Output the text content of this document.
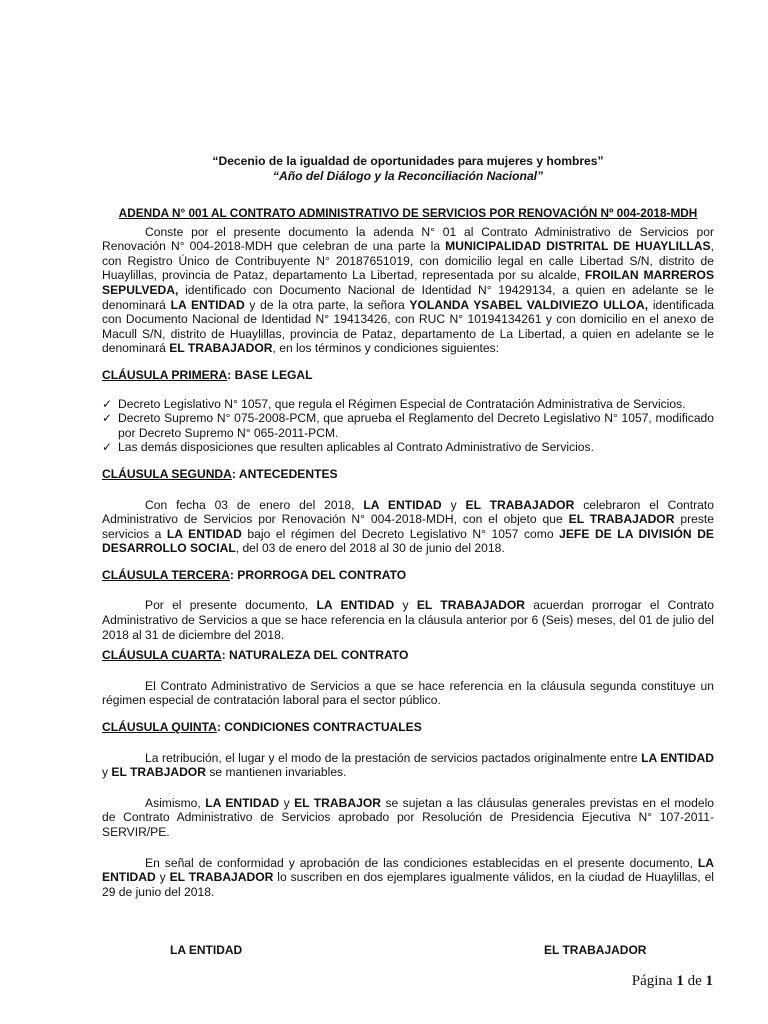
“Decenio de la igualdad de oportunidades para mujeres y hombres”
“Año del Diálogo y la Reconciliación Nacional”
ADENDA N° 001 AL CONTRATO ADMINISTRATIVO DE SERVICIOS POR RENOVACIÓN Nº 004-2018-MDH

Conste por el presente documento la adenda N° 01 al Contrato Administrativo de Servicios por Renovación N° 004-2018-MDH que celebran de una parte la MUNICIPALIDAD DISTRITAL DE HUAYLILLAS, con Registro Único de Contribuyente N° 20187651019, con domicilio legal en calle Libertad S/N, distrito de Huaylillas, provincia de Pataz, departamento La Libertad, representada por su alcalde, FROILAN MARREROS SEPULVEDA, identificado con Documento Nacional de Identidad N° 19429134, a quien en adelante se le denominará LA ENTIDAD y de la otra parte, la señora YOLANDA YSABEL VALDIVIEZO ULLOA, identificada con Documento Nacional de Identidad N° 19413426, con RUC N° 10194134261 y con domicilio en el anexo de Macull S/N, distrito de Huaylillas, provincia de Pataz, departamento de La Libertad, a quien en adelante se le denominará EL TRABAJADOR, en los términos y condiciones siguientes:

CLÁUSULA PRIMERA: BASE LEGAL
✓ Decreto Legislativo N° 1057, que regula el Régimen Especial de Contratación Administrativa de Servicios.
✓ Decreto Supremo N° 075-2008-PCM, que aprueba el Reglamento del Decreto Legislativo N° 1057, modificado por Decreto Supremo N° 065-2011-PCM.
✓ Las demás disposiciones que resulten aplicables al Contrato Administrativo de Servicios.
CLÁUSULA SEGUNDA: ANTECEDENTES

Con fecha 03 de enero del 2018, LA ENTIDAD y EL TRABAJADOR celebraron el Contrato Administrativo de Servicios por Renovación N° 004-2018-MDH, con el objeto que EL TRABAJADOR preste servicios a LA ENTIDAD bajo el régimen del Decreto Legislativo N° 1057 como JEFE DE LA DIVISIÓN DE DESARROLLO SOCIAL, del 03 de enero del 2018 al 30 de junio del 2018.

CLÁUSULA TERCERA: PRORROGA DEL CONTRATO

Por el presente documento, LA ENTIDAD y EL TRABAJADOR acuerdan prorrogar el Contrato Administrativo de Servicios a que se hace referencia en la cláusula anterior por 6 (Seis) meses, del 01 de julio del 2018 al 31 de diciembre del 2018.

CLÁUSULA CUARTA: NATURALEZA DEL CONTRATO

El Contrato Administrativo de Servicios a que se hace referencia en la cláusula segunda constituye un régimen especial de contratación laboral para el sector público.

CLÁUSULA QUINTA: CONDICIONES CONTRACTUALES

La retribución, el lugar y el modo de la prestación de servicios pactados originalmente entre LA ENTIDAD y EL TRABJADOR se mantienen invariables.

Asimismo, LA ENTIDAD y EL TRABAJOR se sujetan a las cláusulas generales previstas en el modelo de Contrato Administrativo de Servicios aprobado por Resolución de Presidencia Ejecutiva N° 107-2011-SERVIR/PE.

En señal de conformidad y aprobación de las condiciones establecidas en el presente documento, LA ENTIDAD y EL TRABAJADOR lo suscriben en dos ejemplares igualmente válidos, en la ciudad de Huaylillas, el 29 de junio del 2018.

LA ENTIDAD	EL TRABAJADOR
Página 1 de 1
